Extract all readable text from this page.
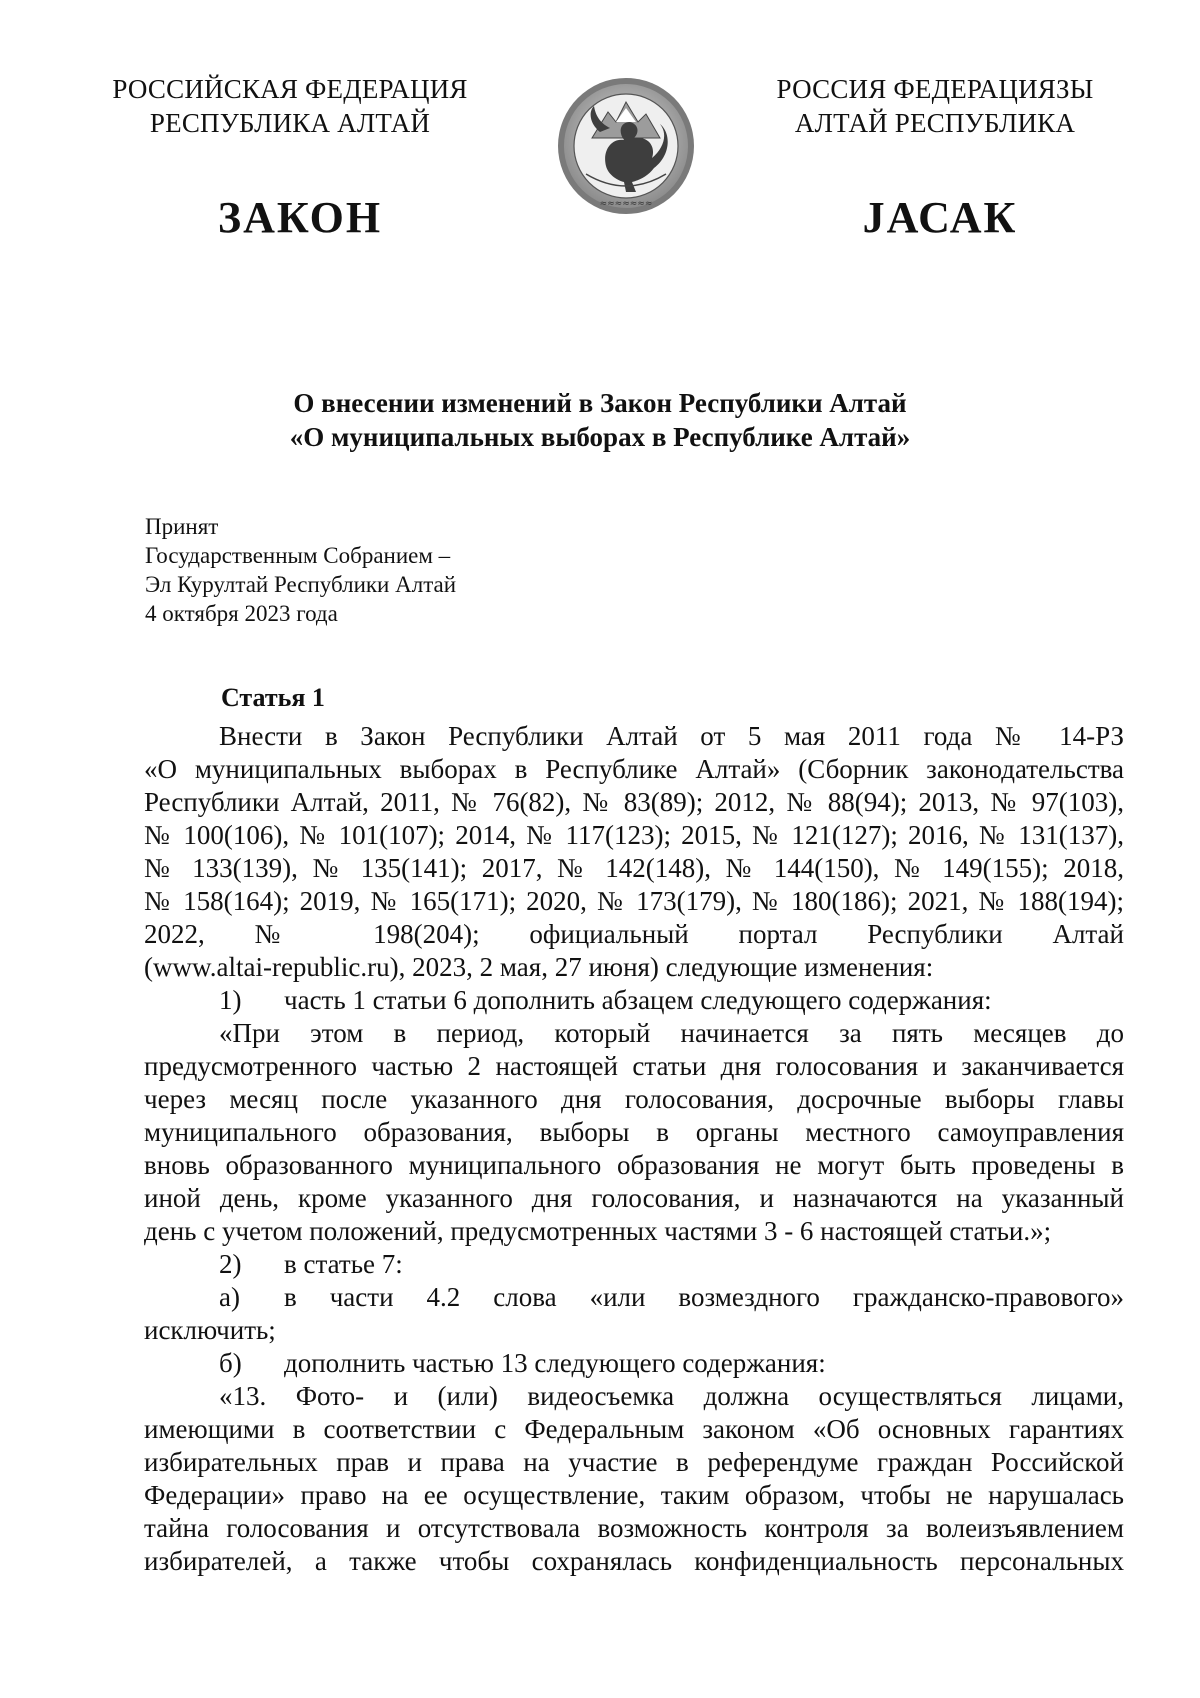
РОССИЙСКАЯ ФЕДЕРАЦИЯ
РЕСПУБЛИКА АЛТАЙ
≈≈≈≈≈≈≈
РОССИЯ ФЕДЕРАЦИЯЗЫ
АЛТАЙ РЕСПУБЛИКА
ЗАКОН	JАСАК
О внесении изменений в Закон Республики Алтай
«О муниципальных выборах в Республике Алтай»
Принят
Государственным Собранием –
Эл Курултай Республики Алтай
4 октября 2023 года
Статья 1

Внести в Закон Республики Алтай от 5 мая 2011 года № 14-РЗ

«О муниципальных выборах в Республике Алтай» (Сборник законодательства

Республики Алтай, 2011, № 76(82), № 83(89); 2012, № 88(94); 2013, № 97(103),

№ 100(106), № 101(107); 2014, № 117(123); 2015, № 121(127); 2016, № 131(137),

№ 133(139), № 135(141); 2017, № 142(148), № 144(150), № 149(155); 2018,

№ 158(164); 2019, № 165(171); 2020, № 173(179), № 180(186); 2021, № 188(194);

2022, № 198(204); официальный портал Республики Алтай

(www.altai-republic.ru), 2023, 2 мая, 27 июня) следующие изменения:

1)	часть 1 статьи 6 дополнить абзацем следующего содержания:

«При этом в период, который начинается за пять месяцев до

предусмотренного частью 2 настоящей статьи дня голосования и заканчивается

через месяц после указанного дня голосования, досрочные выборы главы

муниципального образования, выборы в органы местного самоуправления

вновь образованного муниципального образования не могут быть проведены в

иной день, кроме указанного дня голосования, и назначаются на указанный

день с учетом положений, предусмотренных частями 3 - 6 настоящей статьи.»;

2)	в статье 7:
а)	в части 4.2 слова «или возмездного гражданско-правового»

исключить;

б)	дополнить частью 13 следующего содержания:

«13. Фото- и (или) видеосъемка должна осуществляться лицами,

имеющими в соответствии с Федеральным законом «Об основных гарантиях

избирательных прав и права на участие в референдуме граждан Российской

Федерации» право на ее осуществление, таким образом, чтобы не нарушалась

тайна голосования и отсутствовала возможность контроля за волеизъявлением

избирателей, а также чтобы сохранялась конфиденциальность персональных
